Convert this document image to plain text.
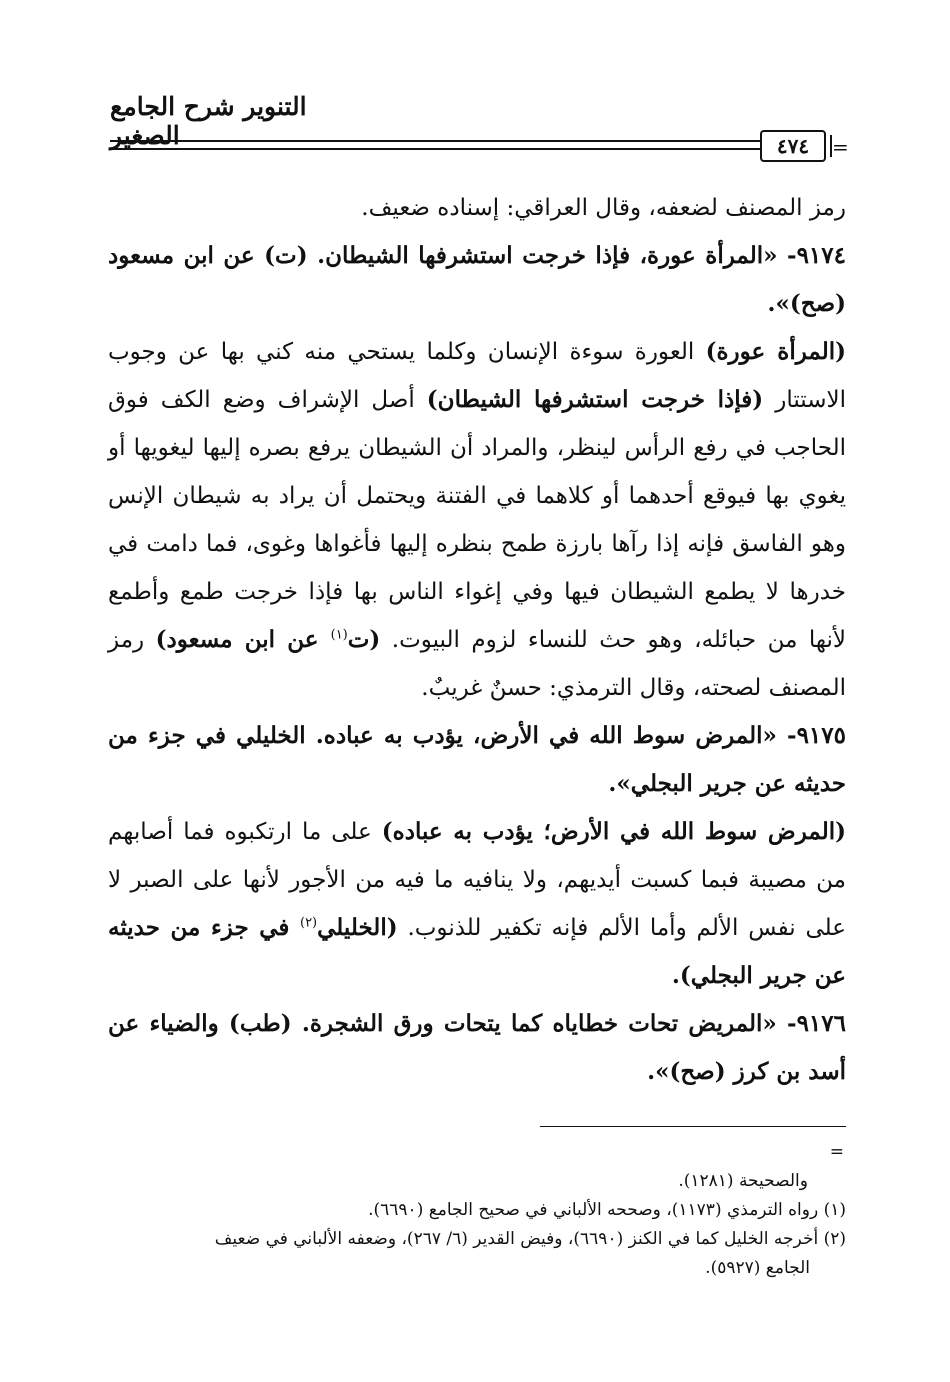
التنوير شرح الجامع الصغير	٤٧٤	=

رمز المصنف لضعفه، وقال العراقي: إسناده ضعيف.

٩١٧٤- «المرأة عورة، فإذا خرجت استشرفها الشيطان. (ت) عن ابن مسعود (صح)».

(المرأة عورة) العورة سوءة الإنسان وكلما يستحي منه كني بها عن وجوب الاستتار (فإذا خرجت استشرفها الشيطان) أصل الإشراف وضع الكف فوق الحاجب في رفع الرأس لينظر، والمراد أن الشيطان يرفع بصره إليها ليغويها أو يغوي بها فيوقع أحدهما أو كلاهما في الفتنة ويحتمل أن يراد به شيطان الإنس وهو الفاسق فإنه إذا رآها بارزة طمح بنظره إليها فأغواها وغوى، فما دامت في خدرها لا يطمع الشيطان فيها وفي إغواء الناس بها فإذا خرجت طمع وأطمع لأنها من حبائله، وهو حث للنساء لزوم البيوت. (ت$^{(١)}$ عن ابن مسعود) رمز المصنف لصحته، وقال الترمذي: حسنٌ غريبٌ.

٩١٧٥- «المرض سوط الله في الأرض، يؤدب به عباده. الخليلي في جزء من حديثه عن جرير البجلي».

(المرض سوط الله في الأرض؛ يؤدب به عباده) على ما ارتكبوه فما أصابهم من مصيبة فبما كسبت أيديهم، ولا ينافيه ما فيه من الأجور لأنها على الصبر لا على نفس الألم وأما الألم فإنه تكفير للذنوب. (الخليلي$^{(٢)}$ في جزء من حديثه عن جرير البجلي).

٩١٧٦- «المريض تحات خطاياه كما يتحات ورق الشجرة. (طب) والضياء عن أسد بن كرز (صح)».

=

والصحيحة (١٢٨١).

(١) رواه الترمذي (١١٧٣)، وصححه الألباني في صحيح الجامع (٦٦٩٠).

(٢) أخرجه الخليل كما في الكنز (٦٦٩٠)، وفيض القدير (٦/ ٢٦٧)، وضعفه الألباني في ضعيف

الجامع (٥٩٢٧).
